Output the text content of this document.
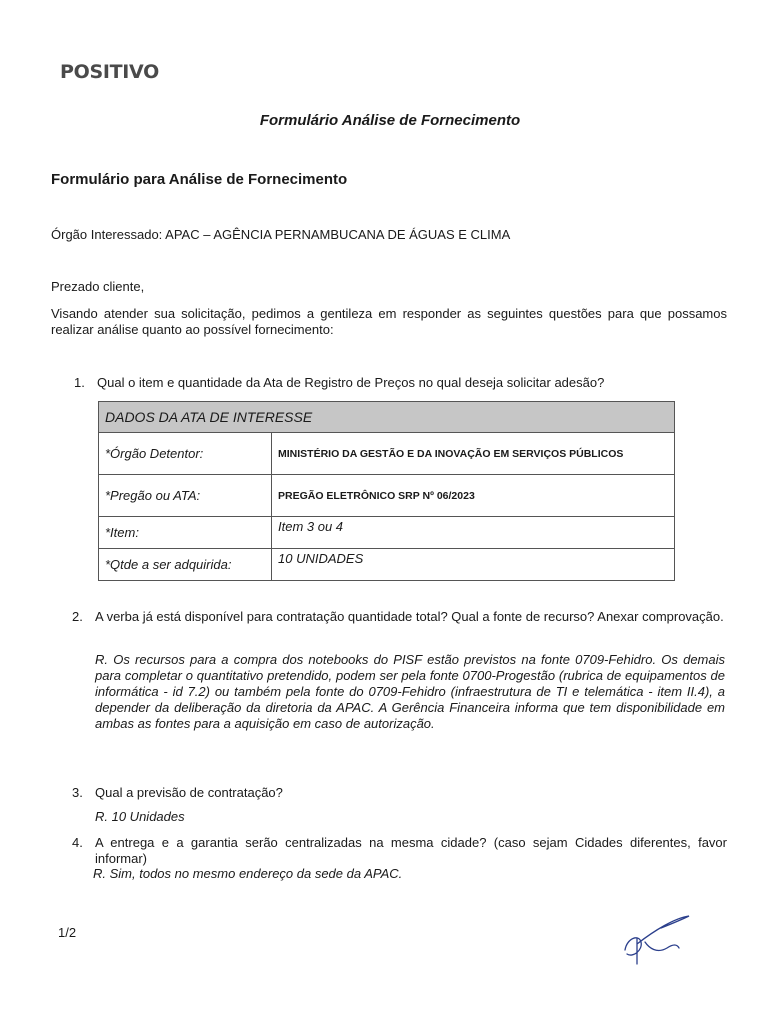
POSITIVO
Formulário Análise de Fornecimento
Formulário para Análise de Fornecimento
Órgão Interessado: APAC – AGÊNCIA PERNAMBUCANA DE ÁGUAS E CLIMA
Prezado cliente,
Visando atender sua solicitação, pedimos a gentileza em responder as seguintes questões para que possamos realizar análise quanto ao possível fornecimento:
1. Qual o item e quantidade da Ata de Registro de Preços no qual deseja solicitar adesão?
DADOS DA ATA DE INTERESSE	
*Órgão Detentor:	MINISTÉRIO DA GESTÃO E DA INOVAÇÃO EM SERVIÇOS PÚBLICOS
*Pregão ou ATA:	PREGÃO ELETRÔNICO SRP Nº 06/2023
*Item:	Item 3 ou 4
*Qtde a ser adquirida:	10 UNIDADES
2. A verba já está disponível para contratação quantidade total? Qual a fonte de recurso? Anexar comprovação.
R. Os recursos para a compra dos notebooks do PISF estão previstos na fonte 0709-Fehidro. Os demais para completar o quantitativo pretendido, podem ser pela fonte 0700-Progestão (rubrica de equipamentos de informática - id 7.2) ou também pela fonte do 0709-Fehidro (infraestrutura de TI e telemática - item II.4), a depender da deliberação da diretoria da APAC. A Gerência Financeira informa que tem disponibilidade em ambas as fontes para a aquisição em caso de autorização.
3. Qual a previsão de contratação?
R. 10 Unidades
4. A entrega e a garantia serão centralizadas na mesma cidade? (caso sejam Cidades diferentes, favor informar)
R. Sim, todos no mesmo endereço da sede da APAC.
1/2
